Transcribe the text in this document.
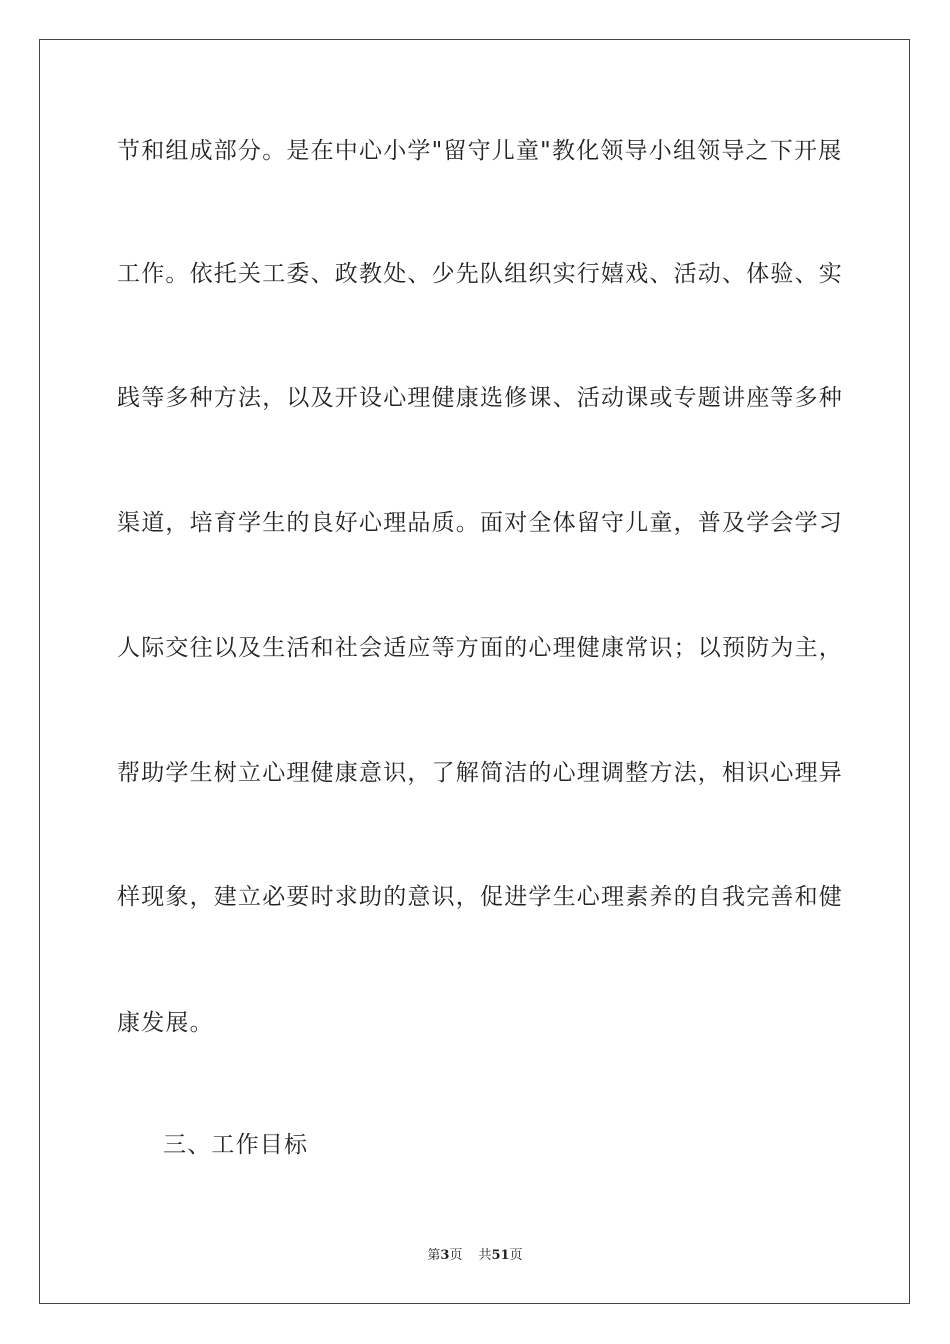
节和组成部分。是在中心小学"留守儿童"教化领导小组领导之下开展
工作。依托关工委、政教处、少先队组织实行嬉戏、活动、体验、实
践等多种方法，以及开设心理健康选修课、活动课或专题讲座等多种
渠道，培育学生的良好心理品质。面对全体留守儿童，普及学会学习
人际交往以及生活和社会适应等方面的心理健康常识；以预防为主，
帮助学生树立心理健康意识，了解简洁的心理调整方法，相识心理异
样现象，建立必要时求助的意识，促进学生心理素养的自我完善和健
康发展。
三、工作目标
第3页 共51页
